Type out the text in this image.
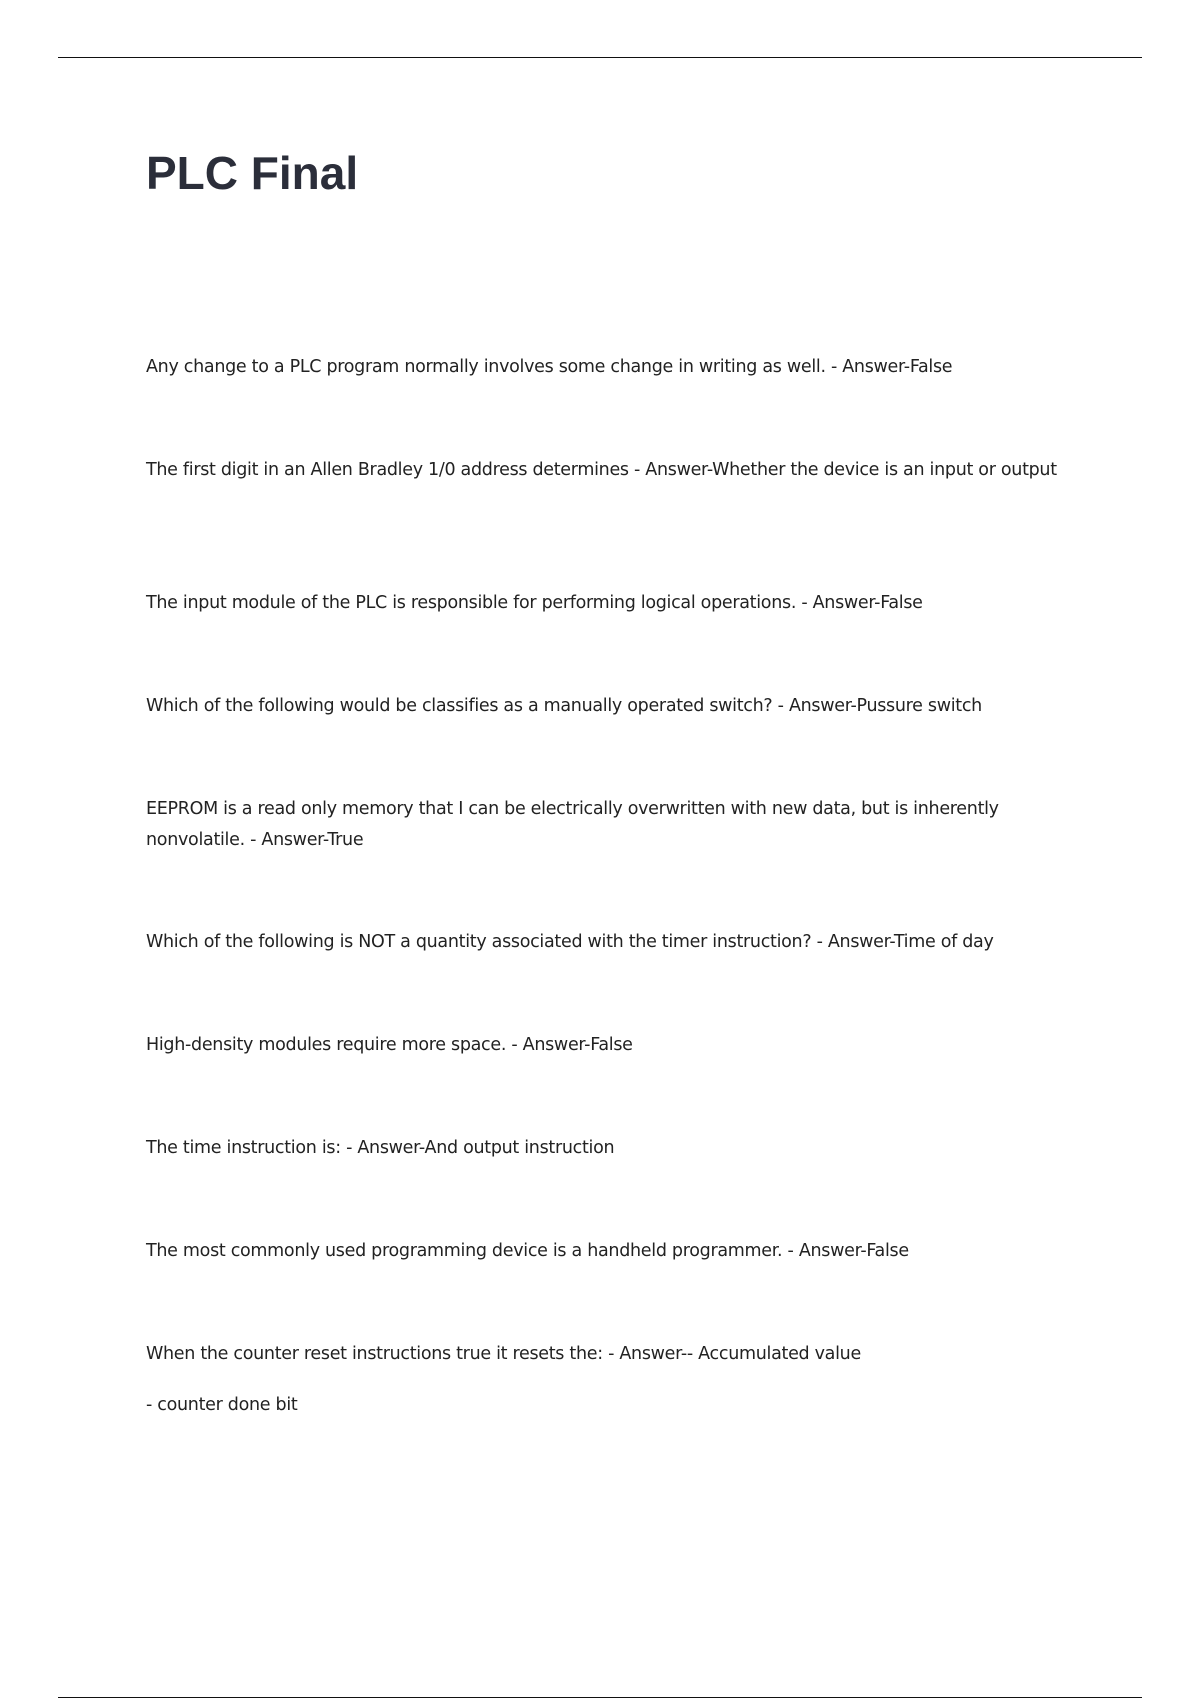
PLC Final

Any change to a PLC program normally involves some change in writing as well. - Answer-False

The first digit in an Allen Bradley 1/0 address determines - Answer-Whether the device is an input or output

The input module of the PLC is responsible for performing logical operations. - Answer-False

Which of the following would be classifies as a manually operated switch? - Answer-Pussure switch

EEPROM is a read only memory that I can be electrically overwritten with new data, but is inherently nonvolatile. - Answer-True

Which of the following is NOT a quantity associated with the timer instruction? - Answer-Time of day

High-density modules require more space. - Answer-False

The time instruction is: - Answer-And output instruction

The most commonly used programming device is a handheld programmer. - Answer-False

When the counter reset instructions true it resets the: - Answer-- Accumulated value

- counter done bit
